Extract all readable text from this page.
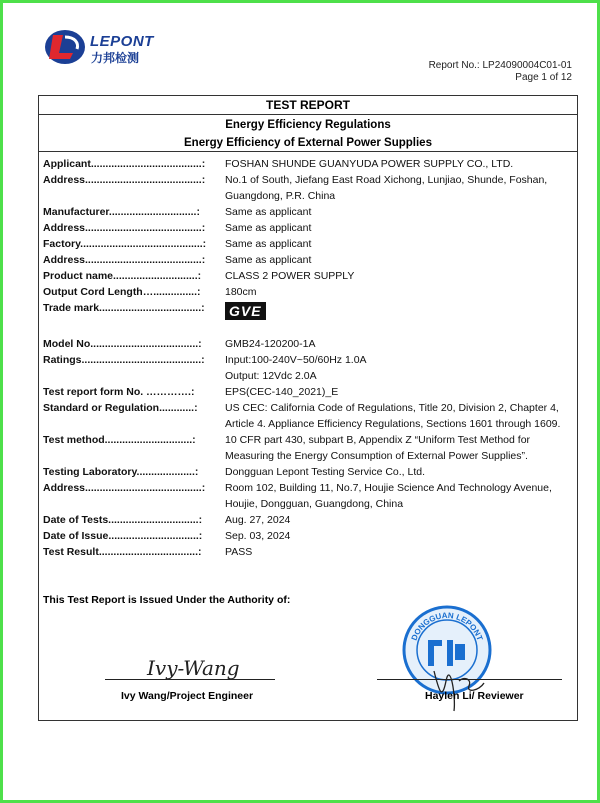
LEPONT
力邦检测
Report No.: LP24090004C01-01
Page 1 of 12
TEST REPORT
Energy Efficiency Regulations
Energy Efficiency of External Power Supplies
Applicant......................................:	FOSHAN SHUNDE GUANYUDA POWER SUPPLY CO., LTD.
Address........................................:	No.1 of South, Jiefang East Road Xichong, Lunjiao, Shunde, Foshan, Guangdong, P.R. China
Manufacturer..............................:	Same as applicant
Address........................................:	Same as applicant
Factory..........................................:	Same as applicant
Address........................................:	Same as applicant
Product name.............................:	CLASS 2 POWER SUPPLY
Output Cord Length…...............:	180cm
Trade mark...................................:	GVE
Model No.....................................:	GMB24-120200-1A
Ratings.........................................:	Input:100-240V~50/60Hz 1.0A
Output: 12Vdc 2.0A
Test report form No. ………….:	EPS(CEC-140_2021)_E
Standard or Regulation............:	US CEC: California Code of Regulations, Title 20, Division 2, Chapter 4, Article 4. Appliance Efficiency Regulations, Sections 1601 through 1609.
Test method..............................:	10 CFR part 430, subpart B, Appendix Z “Uniform Test Method for Measuring the Energy Consumption of External Power Supplies”.
Testing Laboratory....................:	Dongguan Lepont Testing Service Co., Ltd.
Address........................................:	Room 102, Building 11, No.7, Houjie Science And Technology Avenue, Houjie, Dongguan, Guangdong, China
Date of Tests...............................:	Aug. 27, 2024
Date of Issue...............................:	Sep. 03, 2024
Test Result..................................:	PASS
This Test Report is Issued Under the Authority of:
Ivy-Wang
Ivy Wang/Project Engineer
DONGGUAN LEPONT
Haylen Li/ Reviewer
